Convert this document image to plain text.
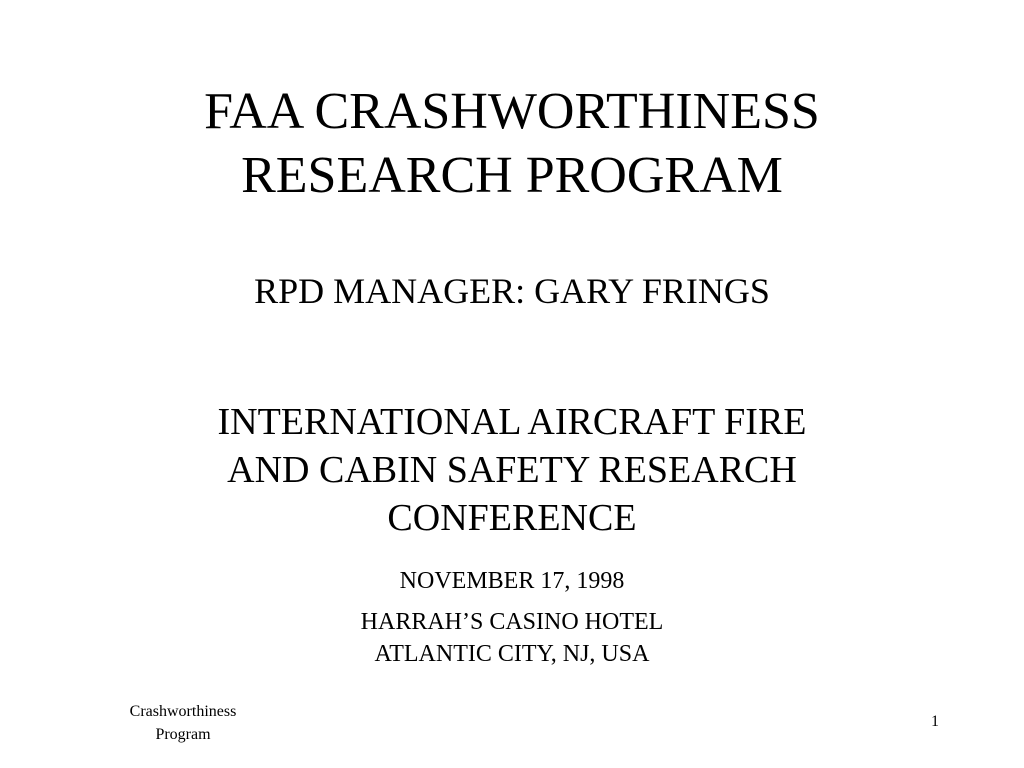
FAA CRASHWORTHINESS
RESEARCH PROGRAM
RPD MANAGER: GARY FRINGS
INTERNATIONAL AIRCRAFT FIRE
AND CABIN SAFETY RESEARCH
CONFERENCE
NOVEMBER 17, 1998
HARRAH’S CASINO HOTEL
ATLANTIC CITY, NJ, USA
Crashworthiness
Program
1
